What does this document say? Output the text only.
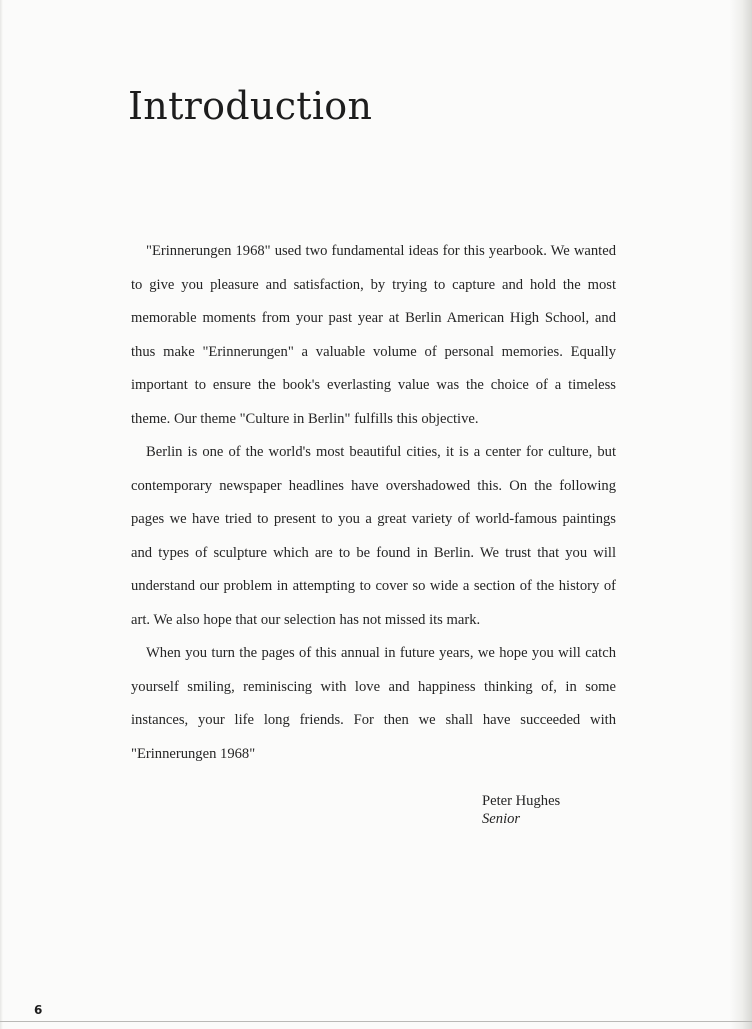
Introduction

"Erinnerungen 1968" used two fundamental ideas for this yearbook. We wanted to give you pleasure and satisfaction, by trying to capture and hold the most memorable moments from your past year at Berlin American High School, and thus make "Erinnerungen" a valuable volume of personal memories. Equally important to ensure the book's everlasting value was the choice of a timeless theme. Our theme "Culture in Berlin" fulfills this objective.

Berlin is one of the world's most beautiful cities, it is a center for culture, but contemporary newspaper headlines have overshadowed this. On the following pages we have tried to present to you a great variety of world-famous paintings and types of sculpture which are to be found in Berlin. We trust that you will understand our problem in attempting to cover so wide a section of the history of art. We also hope that our selection has not missed its mark.

When you turn the pages of this annual in future years, we hope you will catch yourself smiling, reminiscing with love and happiness thinking of, in some instances, your life long friends. For then we shall have succeeded with "Erinnerungen 1968"

Peter Hughes
Senior
6
